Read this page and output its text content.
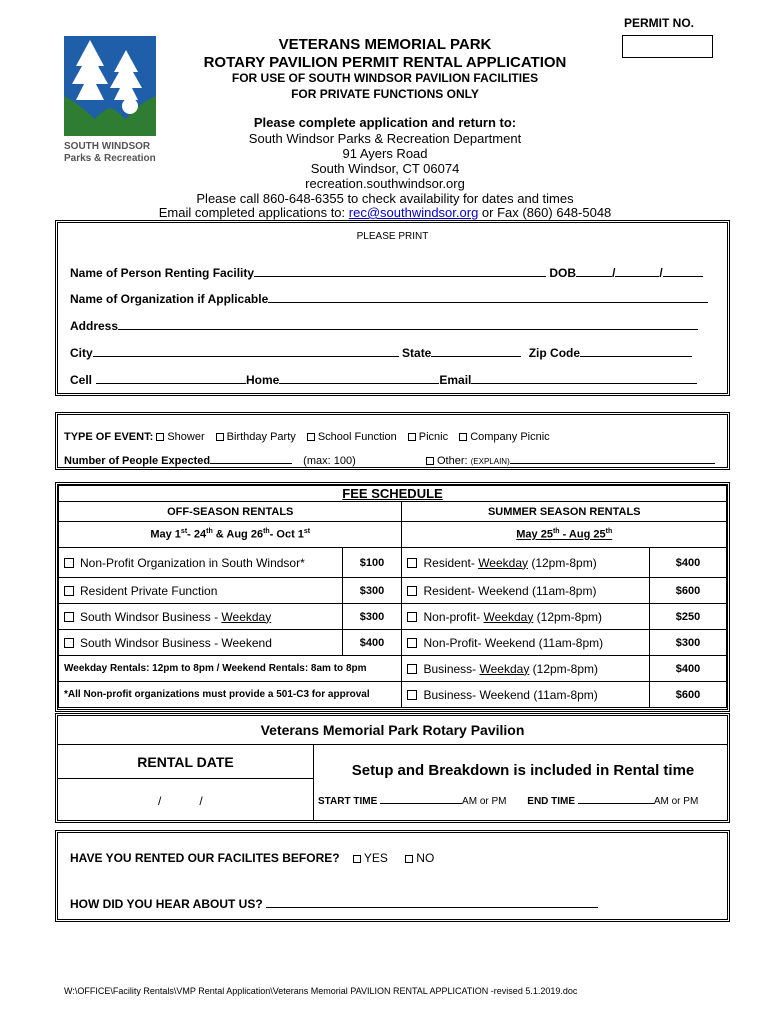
PERMIT NO.
SOUTH WINDSOR
Parks & Recreation
VETERANS MEMORIAL PARK
ROTARY PAVILION PERMIT RENTAL APPLICATION
FOR USE OF SOUTH WINDSOR PAVILION FACILITIES
FOR PRIVATE FUNCTIONS ONLY
Please complete application and return to:
South Windsor Parks & Recreation Department
91 Ayers Road
South Windsor, CT 06074
recreation.southwindsor.org
Please call 860-648-6355 to check availability for dates and times
Email completed applications to: rec@southwindsor.org or Fax (860) 648-5048
PLEASE PRINT
Name of Person Renting Facility	DOB	/	/
Name of Organization if Applicable
Address
City	State	Zip Code
Cell	Home	Email
TYPE OF EVENT: Shower Birthday Party School Function Picnic Company Picnic
Number of People Expected	(max: 100)	Other: (EXPLAIN)
FEE SCHEDULE			
OFF-SEASON RENTALS		SUMMER SEASON RENTALS	
May 1st- 24th & Aug 26th- Oct 1st		May 25th - Aug 25th
Non-Profit Organization in South Windsor*	$100	Resident- Weekday (12pm-8pm)	$400
Resident Private Function	$300	Resident- Weekend (11am-8pm)	$600
South Windsor Business - Weekday	$300	Non-profit- Weekday (12pm-8pm)	$250
South Windsor Business - Weekend	$400	Non-Profit- Weekend (11am-8pm)	$300
Weekday Rentals: 12pm to 8pm / Weekend Rentals: 8am to 8pm		Business- Weekday (12pm-8pm)	$400
*All Non-profit organizations must provide a 501-C3 for approval		Business- Weekend (11am-8pm)	$600
Veterans Memorial Park Rotary Pavilion
RENTAL DATE
/	/
Setup and Breakdown is included in Rental time
START TIME	AM or PM END TIME	AM or PM
HAVE YOU RENTED OUR FACILITES BEFORE? YES NO
HOW DID YOU HEAR ABOUT US?
W:\OFFICE\Facility Rentals\VMP Rental Application\Veterans Memorial PAVILION RENTAL APPLICATION -revised 5.1.2019.doc
